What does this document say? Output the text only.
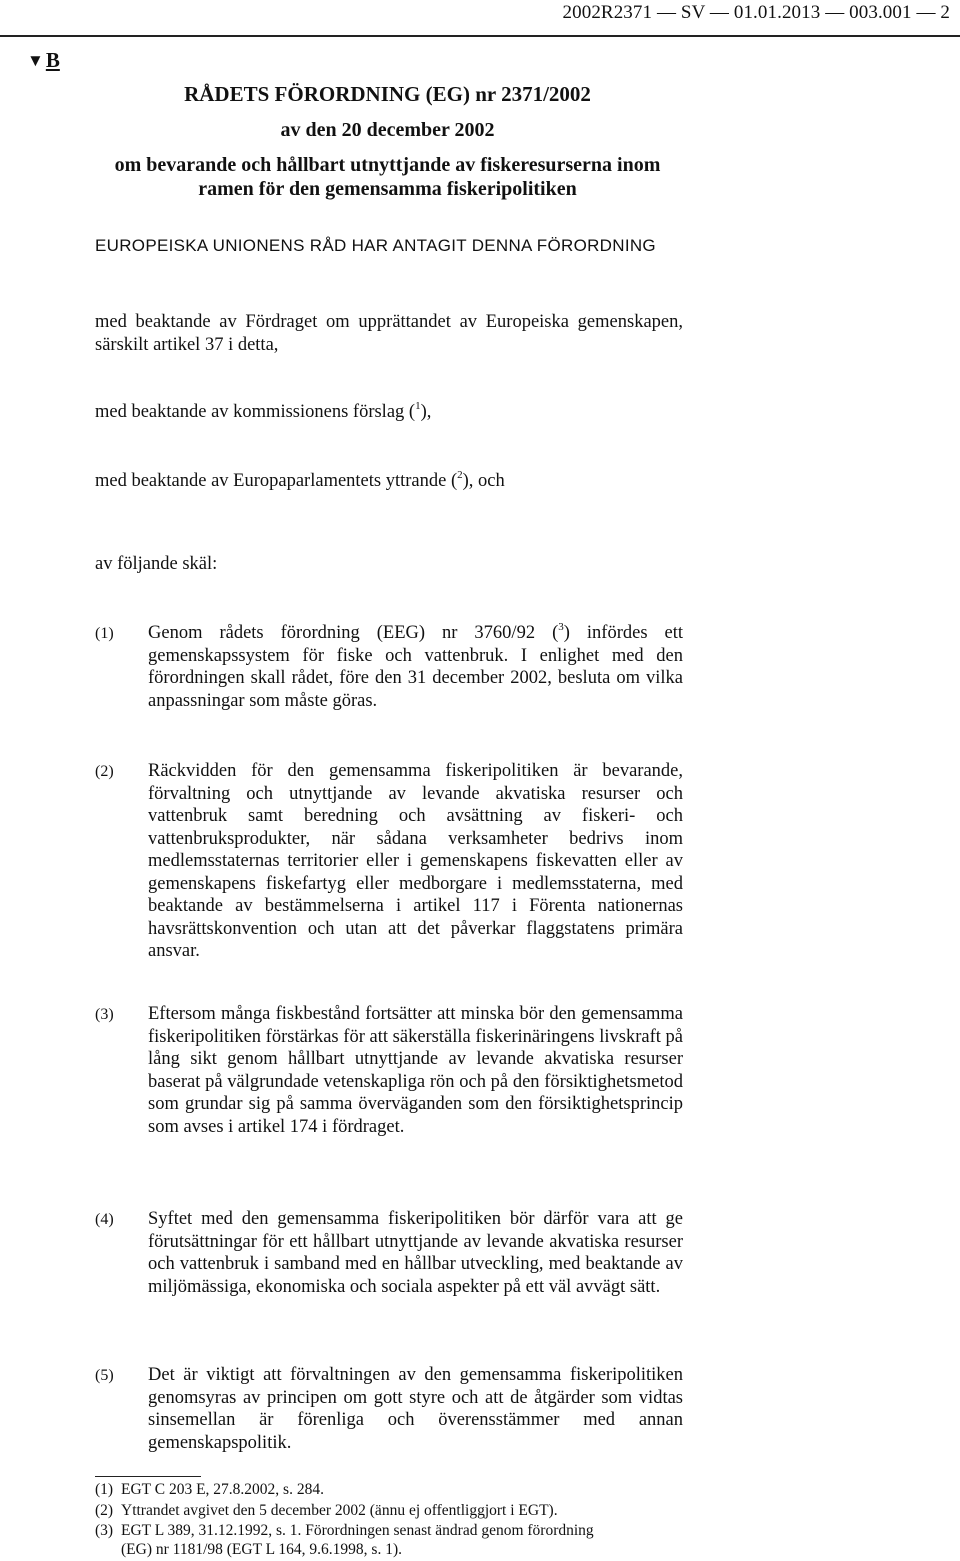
2002R2371 — SV — 01.01.2013 — 003.001 — 2
▼B
RÅDETS FÖRORDNING (EG) nr 2371/2002
av den 20 december 2002
om bevarande och hållbart utnyttjande av fiskeresurserna inom ramen för den gemensamma fiskeripolitiken
EUROPEISKA UNIONENS RÅD HAR ANTAGIT DENNA FÖRORDNING
med beaktande av Fördraget om upprättandet av Europeiska gemenskapen, särskilt artikel 37 i detta,
med beaktande av kommissionens förslag ($^1$),
med beaktande av Europaparlamentets yttrande ($^2$), och
av följande skäl:
(1) Genom rådets förordning (EEG) nr 3760/92 ($^3$) infördes ett gemenskapssystem för fiske och vattenbruk. I enlighet med den förordningen skall rådet, före den 31 december 2002, besluta om vilka anpassningar som måste göras.
(2) Räckvidden för den gemensamma fiskeripolitiken är bevarande, förvaltning och utnyttjande av levande akvatiska resurser och vattenbruk samt beredning och avsättning av fiskeri- och vattenbruksprodukter, när sådana verksamheter bedrivs inom medlemsstaternas territorier eller i gemenskapens fiskevatten eller av gemenskapens fiskefartyg eller medborgare i medlemsstaterna, med beaktande av bestämmelserna i artikel 117 i Förenta nationernas havsrättskonvention och utan att det påverkar flaggstatens primära ansvar.
(3) Eftersom många fiskbestånd fortsätter att minska bör den gemensamma fiskeripolitiken förstärkas för att säkerställa fiskerinäringens livskraft på lång sikt genom hållbart utnyttjande av levande akvatiska resurser baserat på välgrundade vetenskapliga rön och på den försiktighetsmetod som grundar sig på samma överväganden som den försiktighetsprincip som avses i artikel 174 i fördraget.
(4) Syftet med den gemensamma fiskeripolitiken bör därför vara att ge förutsättningar för ett hållbart utnyttjande av levande akvatiska resurser och vattenbruk i samband med en hållbar utveckling, med beaktande av miljömässiga, ekonomiska och sociala aspekter på ett väl avvägt sätt.
(5) Det är viktigt att förvaltningen av den gemensamma fiskeripolitiken genomsyras av principen om gott styre och att de åtgärder som vidtas sinsemellan är förenliga och överensstämmer med annan gemenskapspolitik.
(1) EGT C 203 E, 27.8.2002, s. 284.
(2) Yttrandet avgivet den 5 december 2002 (ännu ej offentliggjort i EGT).
(3) EGT L 389, 31.12.1992, s. 1. Förordningen senast ändrad genom förordning
(EG) nr 1181/98 (EGT L 164, 9.6.1998, s. 1).
